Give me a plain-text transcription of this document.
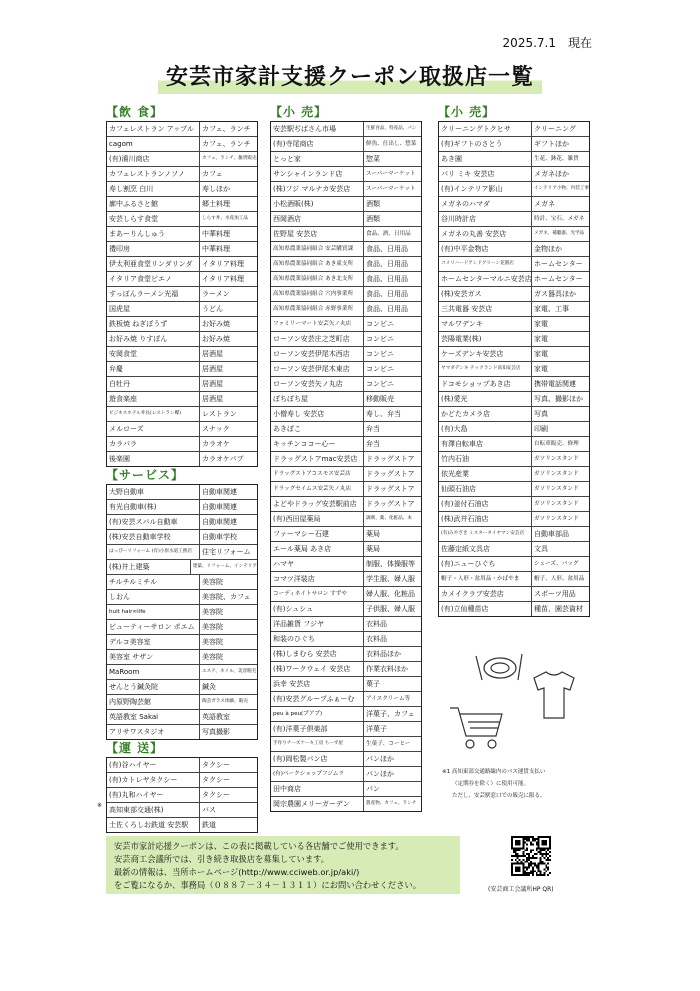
2025.7.1　現在
安芸市家計支援クーポン取扱店一覧
【飲 食】
カフェレストラン アップル	カフェ、ランチ
cagom	カフェ、ランチ
(有)濱川商店	カフェ、ランチ、雑貨販売
カフェレストランノソノ	カフェ
寿し割烹 白川	寿しほか
廓中ふるさと館	郷土料理
安芸しらす食堂	しらす丼、水産加工品
まあーりんしゅう	中華料理
禮印房	中華料理
伊太利亜食堂リンダリンダ	イタリア料理
イタリア食堂ピエノ	イタリア料理
すっぽんラーメン光福	ラーメン
国虎屋	うどん
鉄板焼 ねぎぼうず	お好み焼
お好み焼 りすぼん	お好み焼
安岡食堂	居酒屋
弁慶	居酒屋
白牡丹	居酒屋
遊食楽座	居酒屋
ビジネスホテル井長(レストラン蝶)	レストラン
メルローズ	スナック
カラパラ	カラオケ
後楽園	カラオケパブ
【サービス】
大野自動車	自動車関連
有光自動車(株)	自動車関連
(有)安芸スバル自動車	自動車関連
(株)安芸自動車学校	自動車学校
はっぴーリフォーム (有)小原水道工務店	住宅リフォーム
(株)井上建築	建築、リフォーム、インテリア
チルチルミチル	美容院
しおん	美容院、カフェ
huit hair∞life	美容院
ビューティーサロン ポエム	美容院
デルコ美容室	美容院
美容室 サザン	美容院
MaRoom	エステ、ネイル、美容脱毛
せんとう鍼灸院	鍼灸
内原野陶芸館	陶芸ガラス体験、販売
英語教室 Sakai	英語教室
アリサワスタジオ	写真撮影
【運 送】
(有)谷ハイヤー	タクシー
(有)カトレヤタクシー	タクシー
(有)丸和ハイヤー	タクシー
高知東部交通(株)	バス
土佐くろしお鉄道 安芸駅	鉄道
【小 売】
安芸駅ぢばさん市場	生鮮食品、特産品、パン
(有)寺尾商店	鮮魚、仕出し、惣菜
とっと家	惣菜
サンシャインランド店	スーパーマーケット
(株)フジ マルナカ安芸店	スーパーマーケット
小松酒販(株)	酒類
西岡酒店	酒類
佐野屋 安芸店	食品、酒、日用品
高知県農業協同組合 安芸購買課	食品、日用品
高知県農業協同組合 あき東支所	食品、日用品
高知県農業協同組合 あき北支所	食品、日用品
高知県農業協同組合 穴内事業所	食品、日用品
高知県農業協同組合 赤野事業所	食品、日用品
ファミリーマート安芸矢ノ丸店	コンビニ
ローソン安芸庄之芝町店	コンビニ
ローソン安芸伊尾木西店	コンビニ
ローソン安芸伊尾木東店	コンビニ
ローソン安芸矢ノ丸店	コンビニ
ぼちぼち屋	移動販売
小僧寿し 安芸店	寿し、弁当
あきぼこ	弁当
キッチンココー心ー	弁当
ドラッグストアmac安芸店	ドラッグストア
ドラッグストアコスモス安芸店	ドラッグストア
ドラッグセイムス安芸矢ノ丸店	ドラッグストア
よどやドラッグ安芸駅前店	ドラッグストア
(有)西田屋薬局	調剤、薬、化粧品、本
ファーマシー石建	薬局
エール薬局 あき店	薬局
ハマヤ	制服、体操服等
コマツ洋装店	学生服、婦人服
コーディネイトサロン すずや	婦人服、化粧品
(有)シュシュ	子供服、婦人服
洋品雑貨 フジヤ	衣料品
和装のひぐち	衣料品
(株)しまむら 安芸店	衣料品ほか
(株)ワークウェイ 安芸店	作業衣料ほか
浜幸 安芸店	菓子
(有)安芸グループふぁーむ	アイスクリーム等
peu à peu(プアプ)	洋菓子、カフェ
(有)洋菓子倶楽部	洋菓子
手作りチーズケーキ工房 ちーず屋	生菓子、コーヒー
(有)岡松製パン店	パンほか
(有)ベークショップフジムラ	パンほか
田中商店	パン
岡宗農園メリーガーデン	農産物、カフェ、ランチ
【小 売】
クリーニングトクヒサ	クリーニング
(有)ギフトのさとう	ギフトほか
あき園	生花、鉢花、雑貨
パリ ミキ 安芸店	メガネほか
(有)インテリア影山	インテリア小物、内装工事
メガネのハマダ	メガネ
谷川時計店	時計、宝石、メガネ
メガネの丸善 安芸店	メガネ、補聴器、光学品
(有)中平金物店	金物ほか
コメリハードアンドグリーン花園店	ホームセンター
ホームセンターマルニ安芸店 ホームセンター
(株)安芸ガス	ガス器具ほか
三共電器 安芸店	家電、工事
マルワデンキ	家電
芸陽電業(株)	家電
ケーズデンキ安芸店	家電
ヤマダデンキ テックランド高知安芸店	家電
ドコモショップあき店	携帯電話関連
(株)愛光	写真、撮影ほか
かどたカメラ店	写真
(有)大島	印刷
有澤自転車店	自転車販売、修理
竹内石油	ガソリンスタンド
依光産業	ガソリンスタンド
仙頭石油店	ガソリンスタンド
(有)釜付石油店	ガソリンスタンド
(株)武井石油店	ガソリンスタンド
(有)みやざき ミスタータイヤマン安芸店	自動車部品
佐藤定紙文具店	文具
(有)ニューひぐち	シューズ、バッグ
帽子・人形・盆用品・かばやま	帽子、人形、盆用品
カメイクラブ安芸店	スポーツ用品
(有)立仙種苗店	種苗、園芸資材
※
※1 高知東部交通路線内のバス運賃支払い
（定期券を除く）に使用可能。
ただし、安芸駅窓口での販売に限る。
安芸市家計応援クーポンは、この表に掲載している各店舗でご使用できます。
安芸商工会議所では、引き続き取扱店を募集しています。
最新の情報は、当所ホームページ(http://www.cciweb.or.jp/aki/)
をご覧になるか、事務局（０８８７－３４－１３１１）にお問い合わせください。	(安芸商工会議所HP QR)
